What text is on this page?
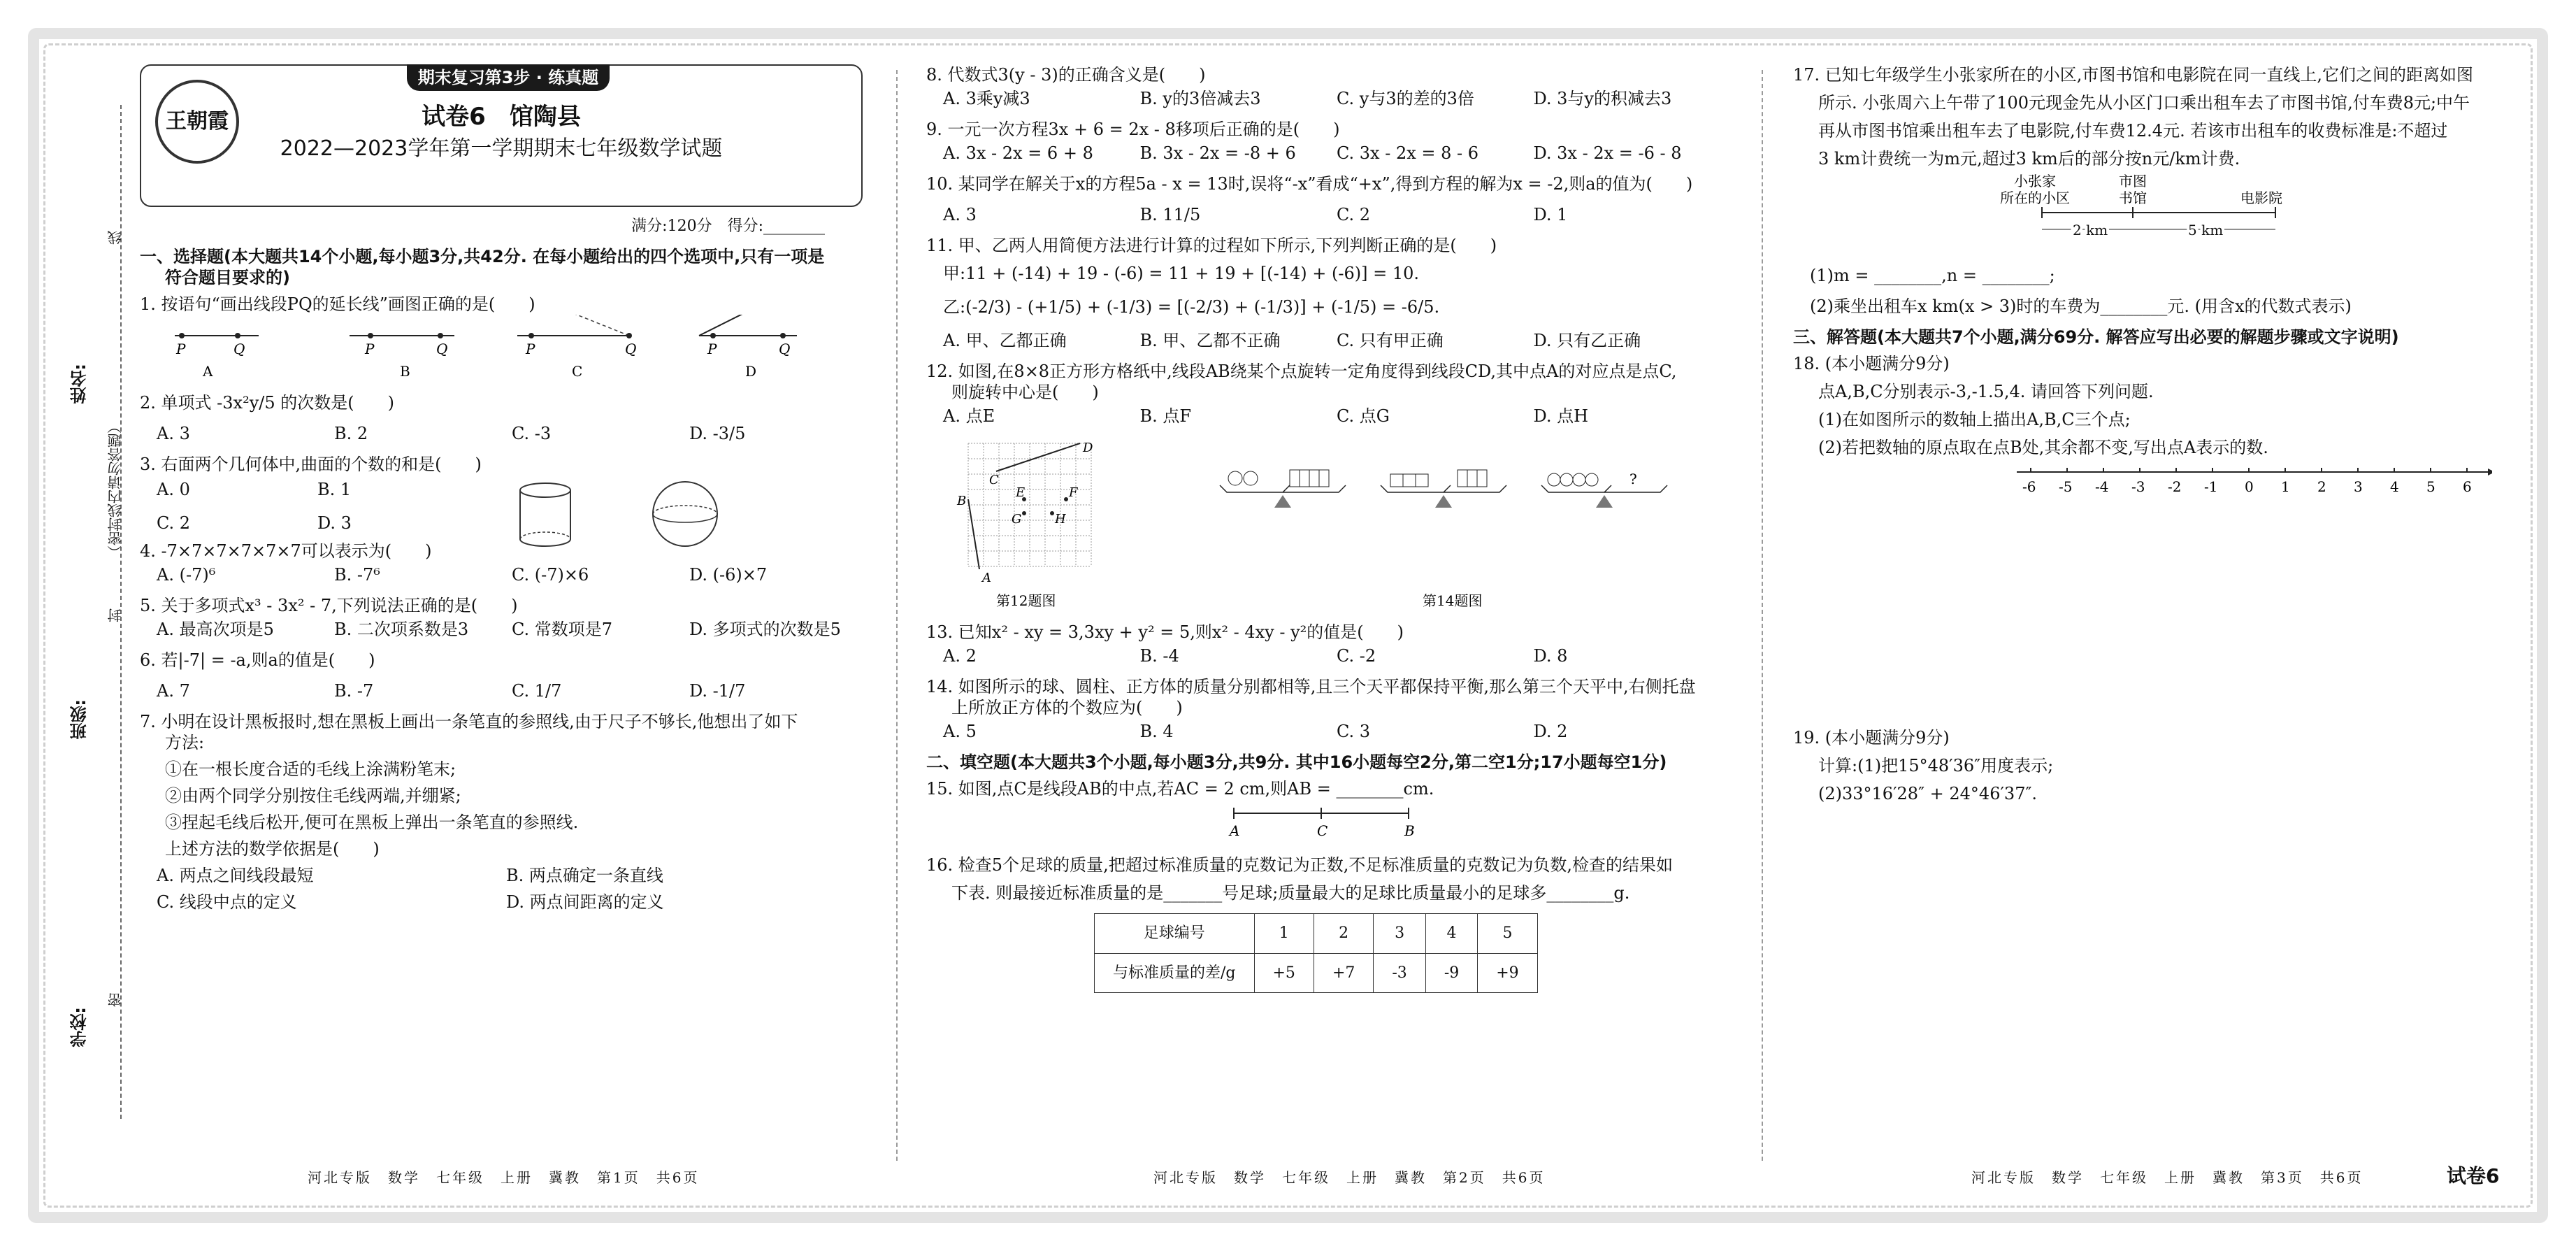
姓名:
班级:
学校:
线
（密封线内请勿答题）
封
密
期末复习第3步 · 练真题
王朝霞	试卷6　馆陶县
2022—2023学年第一学期期末七年级数学试题
满分:120分　得分:________
一、选择题(本大题共14个小题,每小题3分,共42分. 在每小题给出的四个选项中,只有一项是
符合题目要求的)
1. 按语句“画出线段PQ的延长线”画图正确的是(　　)
P	Q
A
P	Q
B
P	Q
C
P	Q
D
2. 单项式 -3x²y/5 的次数是(　　)
A. 3	B. 2	C. -3	D. -3/5
3. 右面两个几何体中,曲面的个数的和是(　　)
A. 0	B. 1
C. 2	D. 3
4. -7×7×7×7×7×7可以表示为(　　)
A. (-7)⁶	B. -7⁶	C. (-7)×6	D. (-6)×7
5. 关于多项式x³ - 3x² - 7,下列说法正确的是(　　)
A. 最高次项是5	B. 二次项系数是3	C. 常数项是7	D. 多项式的次数是5
6. 若|-7| = -a,则a的值是(　　)
A. 7	B. -7	C. 1/7	D. -1/7
7. 小明在设计黑板报时,想在黑板上画出一条笔直的参照线,由于尺子不够长,他想出了如下
方法:
①在一根长度合适的毛线上涂满粉笔末;
②由两个同学分别按住毛线两端,并绷紧;
③捏起毛线后松开,便可在黑板上弹出一条笔直的参照线.
上述方法的数学依据是(　　)
A. 两点之间线段最短	B. 两点确定一条直线
C. 线段中点的定义	D. 两点间距离的定义
8. 代数式3(y - 3)的正确含义是(　　)
A. 3乘y减3	B. y的3倍减去3	C. y与3的差的3倍	D. 3与y的积减去3
9. 一元一次方程3x + 6 = 2x - 8移项后正确的是(　　)
A. 3x - 2x = 6 + 8	B. 3x - 2x = -8 + 6	C. 3x - 2x = 8 - 6	D. 3x - 2x = -6 - 8
10. 某同学在解关于x的方程5a - x = 13时,误将“-x”看成“+x”,得到方程的解为x = -2,则a的值为(　　)
A. 3	B. 11/5	C. 2	D. 1
11. 甲、乙两人用简便方法进行计算的过程如下所示,下列判断正确的是(　　)
甲:11 + (-14) + 19 - (-6) = 11 + 19 + [(-14) + (-6)] = 10.
乙:(-2/3) - (+1/5) + (-1/3) = [(-2/3) + (-1/3)] + (-1/5) = -6/5.
A. 甲、乙都正确	B. 甲、乙都不正确	C. 只有甲正确	D. 只有乙正确
12. 如图,在8×8正方形方格纸中,线段AB绕某个点旋转一定角度得到线段CD,其中点A的对应点是点C,
则旋转中心是(　　)
A. 点E	B. 点F	C. 点G	D. 点H
A
B
C
D
E	F
G	H
第12题图
?
第14题图
13. 已知x² - xy = 3,3xy + y² = 5,则x² - 4xy - y²的值是(　　)
A. 2	B. -4	C. -2	D. 8
14. 如图所示的球、圆柱、正方体的质量分别都相等,且三个天平都保持平衡,那么第三个天平中,右侧托盘
上所放正方体的个数应为(　　)
A. 5	B. 4	C. 3	D. 2
二、填空题(本大题共3个小题,每小题3分,共9分. 其中16小题每空2分,第二空1分;17小题每空1分)
15. 如图,点C是线段AB的中点,若AC = 2 cm,则AB = ________cm.
A	C	B
16. 检查5个足球的质量,把超过标准质量的克数记为正数,不足标准质量的克数记为负数,检查的结果如
下表. 则最接近标准质量的是_______号足球;质量最大的足球比质量最小的足球多________g.
足球编号	1	2	3	4	5
与标准质量的差/g	+5	+7	-3	-9	+9
17. 已知七年级学生小张家所在的小区,市图书馆和电影院在同一直线上,它们之间的距离如图
所示. 小张周六上午带了100元现金先从小区门口乘出租车去了市图书馆,付车费8元;中午
再从市图书馆乘出租车去了电影院,付车费12.4元. 若该市出租车的收费标准是:不超过
3 km计费统一为m元,超过3 km后的部分按n元/km计费.
小张家
所在的小区
市图
书馆	电影院
2 km	5 km
(1)m = ________,n = ________;
(2)乘坐出租车x km(x > 3)时的车费为________元. (用含x的代数式表示)
三、解答题(本大题共7个小题,满分69分. 解答应写出必要的解题步骤或文字说明)
18. (本小题满分9分)
点A,B,C分别表示-3,-1.5,4. 请回答下列问题.
(1)在如图所示的数轴上描出A,B,C三个点;
(2)若把数轴的原点取在点B处,其余都不变,写出点A表示的数.
-6 -5 -4 -3 -2 -1 0 1 2 3 4 5 6
19. (本小题满分9分)
计算:(1)把15°48′36″用度表示;
(2)33°16′28″ + 24°46′37″.
河北专版　数学　七年级　上册　冀教　第1页　共6页	河北专版　数学　七年级　上册　冀教　第2页　共6页	河北专版　数学　七年级　上册　冀教　第3页　共6页	试卷6
